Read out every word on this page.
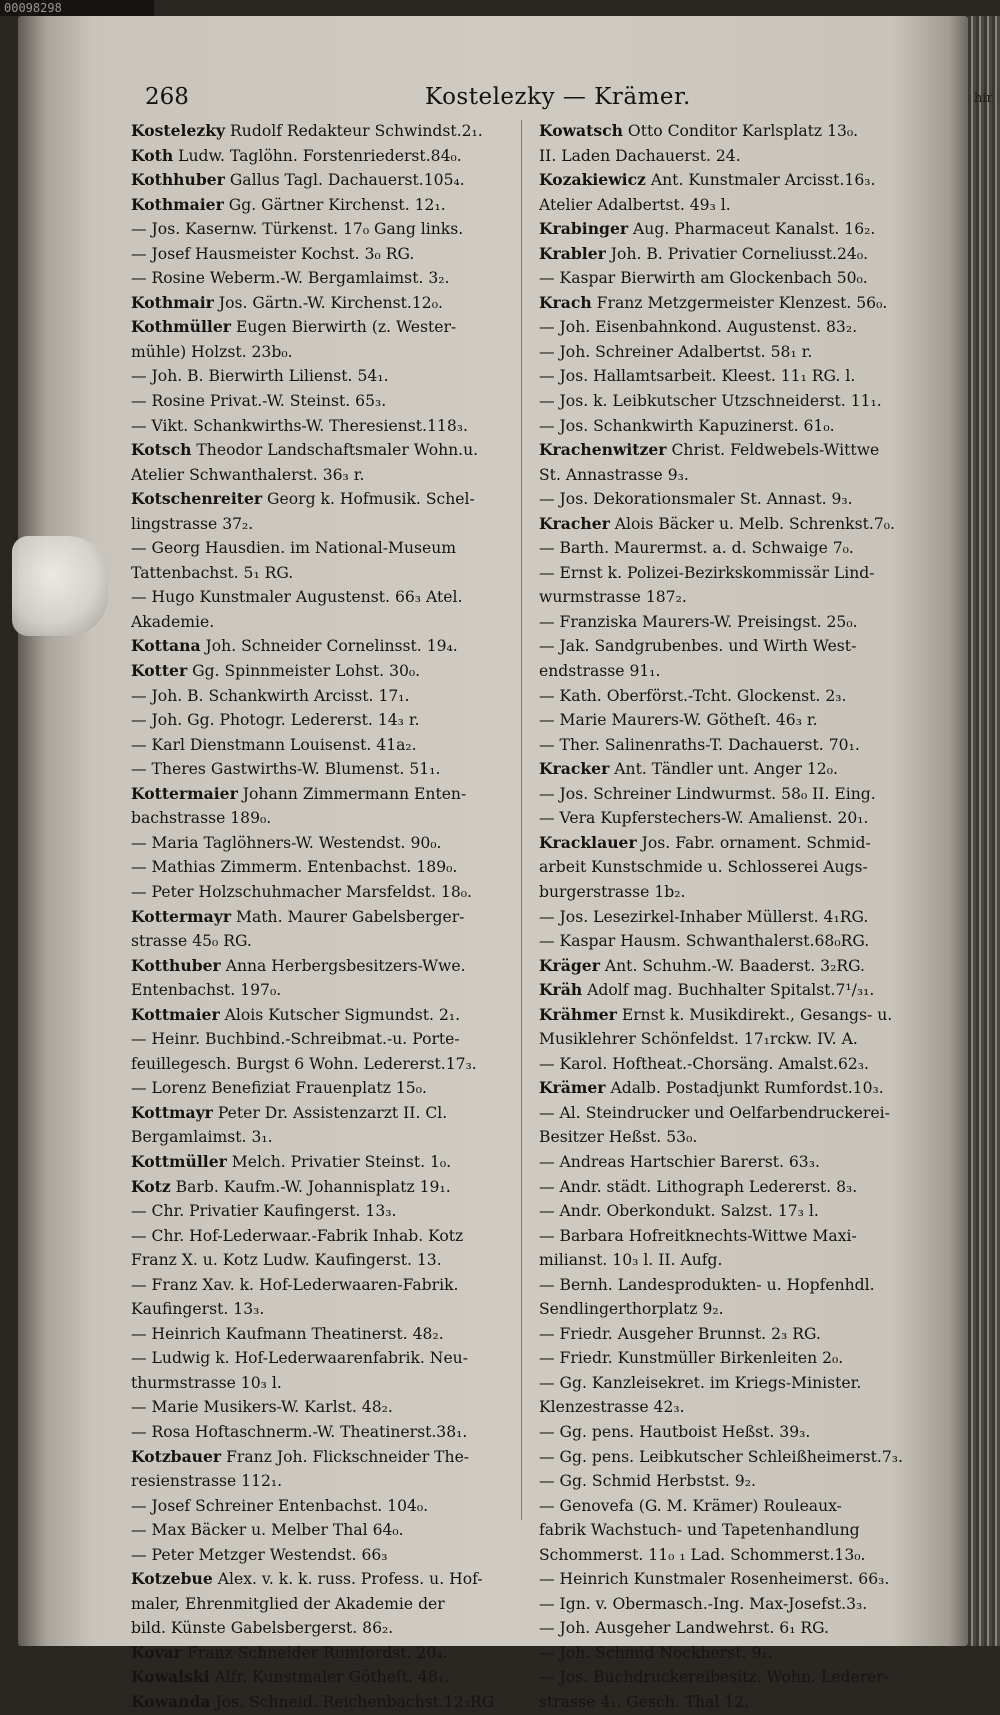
00098298
hir
268	Kostelezky — Krämer.
Kostelezky Rudolf Redakteur Schwindst.2₁.
Koth Ludw. Taglöhn. Forstenriederst.84₀.
Kothhuber Gallus Tagl. Dachauerst.105₄.
Kothmaier Gg. Gärtner Kirchenst. 12₁.
— Jos. Kasernw. Türkenst. 17₀ Gang links.
— Josef Hausmeister Kochst. 3₀ RG.
— Rosine Weberm.-W. Bergamlaimst. 3₂.
Kothmair Jos. Gärtn.-W. Kirchenst.12₀.
Kothmüller Eugen Bierwirth (z. Wester-
mühle) Holzst. 23b₀.
— Joh. B. Bierwirth Lilienst. 54₁.
— Rosine Privat.-W. Steinst. 65₃.
— Vikt. Schankwirths-W. Theresienst.118₃.
Kotsch Theodor Landschaftsmaler Wohn.u.
Atelier Schwanthalerst. 36₃ r.
Kotschenreiter Georg k. Hofmusik. Schel-
lingstrasse 37₂.
— Georg Hausdien. im National-Museum
Tattenbachst. 5₁ RG.
— Hugo Kunstmaler Augustenst. 66₃ Atel.
Akademie.
Kottana Joh. Schneider Cornelinsst. 19₄.
Kotter Gg. Spinnmeister Lohst. 30₀.
— Joh. B. Schankwirth Arcisst. 17₁.
— Joh. Gg. Photogr. Ledererst. 14₃ r.
— Karl Dienstmann Louisenst. 41a₂.
— Theres Gastwirths-W. Blumenst. 51₁.
Kottermaier Johann Zimmermann Enten-
bachstrasse 189₀.
— Maria Taglöhners-W. Westendst. 90₀.
— Mathias Zimmerm. Entenbachst. 189₀.
— Peter Holzschuhmacher Marsfeldst. 18₀.
Kottermayr Math. Maurer Gabelsberger-
strasse 45₀ RG.
Kotthuber Anna Herbergsbesitzers-Wwe.
Entenbachst. 197₀.
Kottmaier Alois Kutscher Sigmundst. 2₁.
— Heinr. Buchbind.-Schreibmat.-u. Porte-
feuillegesch. Burgst 6 Wohn. Ledererst.17₃.
— Lorenz Benefiziat Frauenplatz 15₀.
Kottmayr Peter Dr. Assistenzarzt II. Cl.
Bergamlaimst. 3₁.
Kottmüller Melch. Privatier Steinst. 1₀.
Kotz Barb. Kaufm.-W. Johannisplatz 19₁.
— Chr. Privatier Kaufingerst. 13₃.
— Chr. Hof-Lederwaar.-Fabrik Inhab. Kotz
Franz X. u. Kotz Ludw. Kaufingerst. 13.
— Franz Xav. k. Hof-Lederwaaren-Fabrik.
Kaufingerst. 13₃.
— Heinrich Kaufmann Theatinerst. 48₂.
— Ludwig k. Hof-Lederwaarenfabrik. Neu-
thurmstrasse 10₃ l.
— Marie Musikers-W. Karlst. 48₂.
— Rosa Hoftaschnerm.-W. Theatinerst.38₁.
Kotzbauer Franz Joh. Flickschneider The-
resienstrasse 112₁.
— Josef Schreiner Entenbachst. 104₀.
— Max Bäcker u. Melber Thal 64₀.
— Peter Metzger Westendst. 66₃
Kotzebue Alex. v. k. k. russ. Profess. u. Hof-
maler, Ehrenmitglied der Akademie der
bild. Künste Gabelsbergerst. 86₂.
Kovar Franz Schneider Rumfordst. 20₄.
Kowalski Alfr. Kunstmaler Götheſt. 48₁.
Kowanda Jos. Schneid. Reichenbachst.12₃RG
Kowatsch Otto Conditor Karlsplatz 13₀.
II. Laden Dachauerst. 24.
Kozakiewicz Ant. Kunstmaler Arcisst.16₃.
Atelier Adalbertst. 49₃ l.
Krabinger Aug. Pharmaceut Kanalst. 16₂.
Krabler Joh. B. Privatier Corneliusst.24₀.
— Kaspar Bierwirth am Glockenbach 50₀.
Krach Franz Metzgermeister Klenzest. 56₀.
— Joh. Eisenbahnkond. Augustenst. 83₂.
— Joh. Schreiner Adalbertst. 58₁ r.
— Jos. Hallamtsarbeit. Kleest. 11₁ RG. l.
— Jos. k. Leibkutscher Utzschneiderst. 11₁.
— Jos. Schankwirth Kapuzinerst. 61₀.
Krachenwitzer Christ. Feldwebels-Wittwe
St. Annastrasse 9₃.
— Jos. Dekorationsmaler St. Annast. 9₃.
Kracher Alois Bäcker u. Melb. Schrenkst.7₀.
— Barth. Maurermst. a. d. Schwaige 7₀.
— Ernst k. Polizei-Bezirkskommissär Lind-
wurmstrasse 187₂.
— Franziska Maurers-W. Preisingst. 25₀.
— Jak. Sandgrubenbes. und Wirth West-
endstrasse 91₁.
— Kath. Oberförst.-Tcht. Glockenst. 2₃.
— Marie Maurers-W. Götheſt. 46₃ r.
— Ther. Salinenraths-T. Dachauerst. 70₁.
Kracker Ant. Tändler unt. Anger 12₀.
— Jos. Schreiner Lindwurmst. 58₀ II. Eing.
— Vera Kupferstechers-W. Amalienst. 20₁.
Kracklauer Jos. Fabr. ornament. Schmid-
arbeit Kunstschmide u. Schlosserei Augs-
burgerstrasse 1b₂.
— Jos. Lesezirkel-Inhaber Müllerst. 4₁RG.
— Kaspar Hausm. Schwanthalerst.68₀RG.
Kräger Ant. Schuhm.-W. Baaderst. 3₂RG.
Kräh Adolf mag. Buchhalter Spitalst.7¹/₃₁.
Krähmer Ernst k. Musikdirekt., Gesangs- u.
Musiklehrer Schönfeldst. 17₁rckw. IV. A.
— Karol. Hoftheat.-Chorsäng. Amalst.62₃.
Krämer Adalb. Postadjunkt Rumfordst.10₃.
— Al. Steindrucker und Oelfarbendruckerei-
Besitzer Heßst. 53₀.
— Andreas Hartschier Barerst. 63₃.
— Andr. städt. Lithograph Ledererst. 8₃.
— Andr. Oberkondukt. Salzst. 17₃ l.
— Barbara Hofreitknechts-Wittwe Maxi-
milianst. 10₃ l. II. Aufg.
— Bernh. Landesprodukten- u. Hopfenhdl.
Sendlingerthorplatz 9₂.
— Friedr. Ausgeher Brunnst. 2₃ RG.
— Friedr. Kunstmüller Birkenleiten 2₀.
— Gg. Kanzleisekret. im Kriegs-Minister.
Klenzestrasse 42₃.
— Gg. pens. Hautboist Heßst. 39₃.
— Gg. pens. Leibkutscher Schleißheimerst.7₃.
— Gg. Schmid Herbstst. 9₂.
— Genovefa (G. M. Krämer) Rouleaux-
fabrik Wachstuch- und Tapetenhandlung
Schommerst. 11₀ ₁ Lad. Schommerst.13₀.
— Heinrich Kunstmaler Rosenheimerst. 66₃.
— Ign. v. Obermasch.-Ing. Max-Josefst.3₃.
— Joh. Ausgeher Landwehrst. 6₁ RG.
— Joh. Schmid Nockherst. 9₁.
— Jos. Buchdruckereibesitz. Wohn. Lederer-
strasse 4₁. Gesch. Thal 12.
